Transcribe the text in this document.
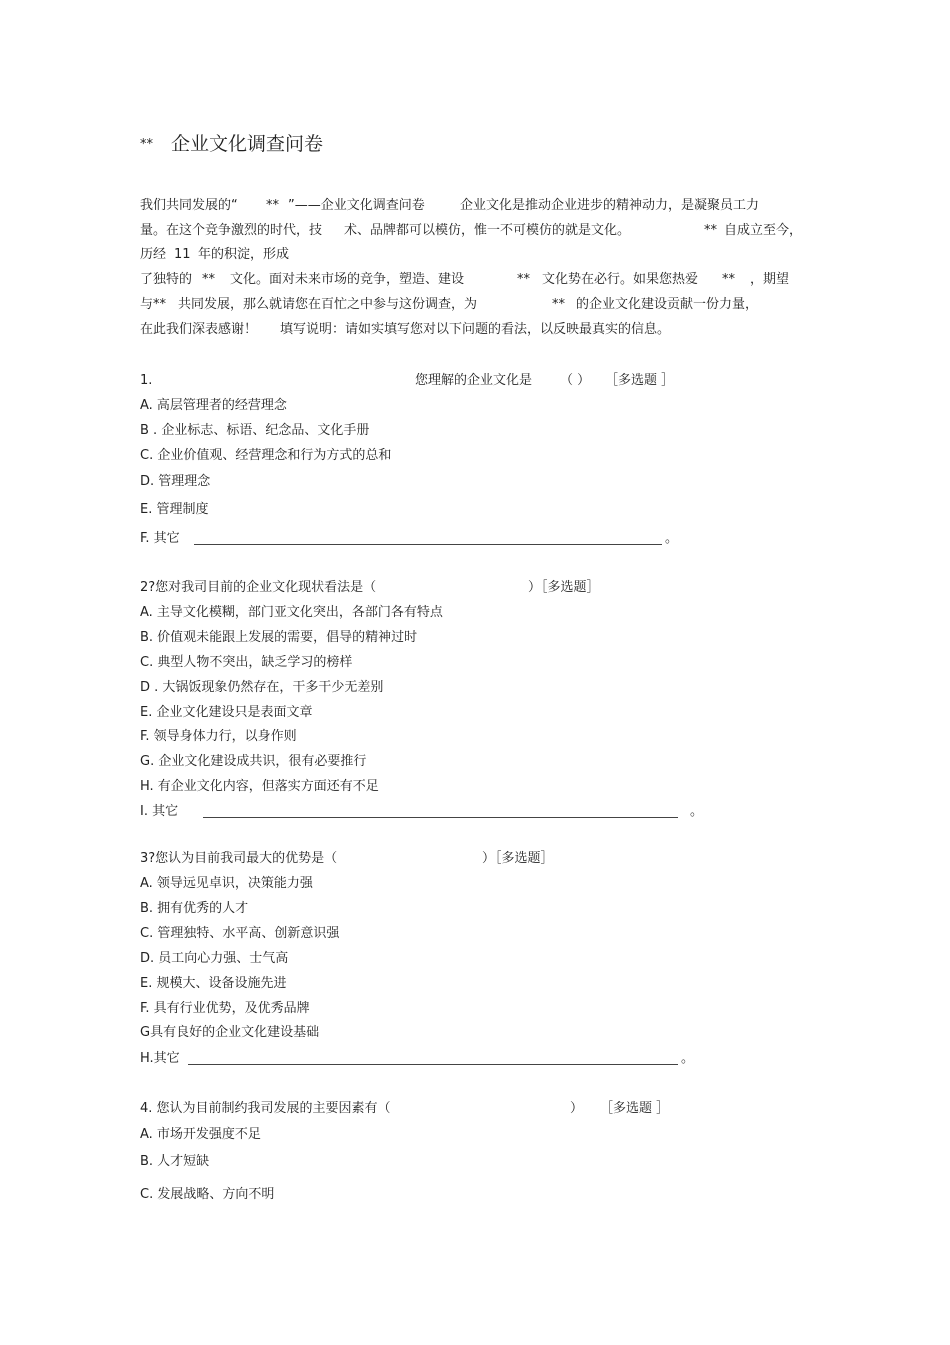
** 企业文化调查问卷
我们共同发展的“ ** ”——企业文化调查问卷	企业文化是推动企业进步的精神动力，是凝聚员工力
量。在这个竞争激烈的时代，技 术、品牌都可以模仿，惟一不可模仿的就是文化。	** 自成立至今，
历经 11 年的积淀，形成
了独特的 ** 文化。面对未来市场的竞争，塑造、建设	** 文化势在必行。如果您热爱 ** ，期望
与** 共同发展，那么就请您在百忙之中参与这份调查，为	** 的企业文化建设贡献一份力量，
在此我们深表感谢！ 填写说明：请如实填写您对以下问题的看法，以反映最真实的信息。
1.	您理解的企业文化是 （ ） ［多选题 ］
A. 高层管理者的经营理念
B . 企业标志、标语、纪念品、文化手册
C. 企业价值观、经营理念和行为方式的总和
D. 管理理念
E. 管理制度
F. 其它	。
2?您对我司目前的企业文化现状看法是（	）［多选题］
A. 主导文化模糊，部门亚文化突出，各部门各有特点
B. 价值观未能跟上发展的需要，倡导的精神过时
C. 典型人物不突出，缺乏学习的榜样
D . 大锅饭现象仍然存在，干多干少无差别
E. 企业文化建设只是表面文章
F. 领导身体力行，以身作则
G. 企业文化建设成共识，很有必要推行
H. 有企业文化内容，但落实方面还有不足
I. 其它	。
3?您认为目前我司最大的优势是（	）［多选题］
A. 领导远见卓识，决策能力强
B. 拥有优秀的人才
C. 管理独特、水平高、创新意识强
D. 员工向心力强、士气高
E. 规模大、设备设施先进
F. 具有行业优势，及优秀品牌
G具有良好的企业文化建设基础
H.其它	。
4. 您认为目前制约我司发展的主要因素有（	） ［多选题 ］
A. 市场开发强度不足
B. 人才短缺
C. 发展战略、方向不明
